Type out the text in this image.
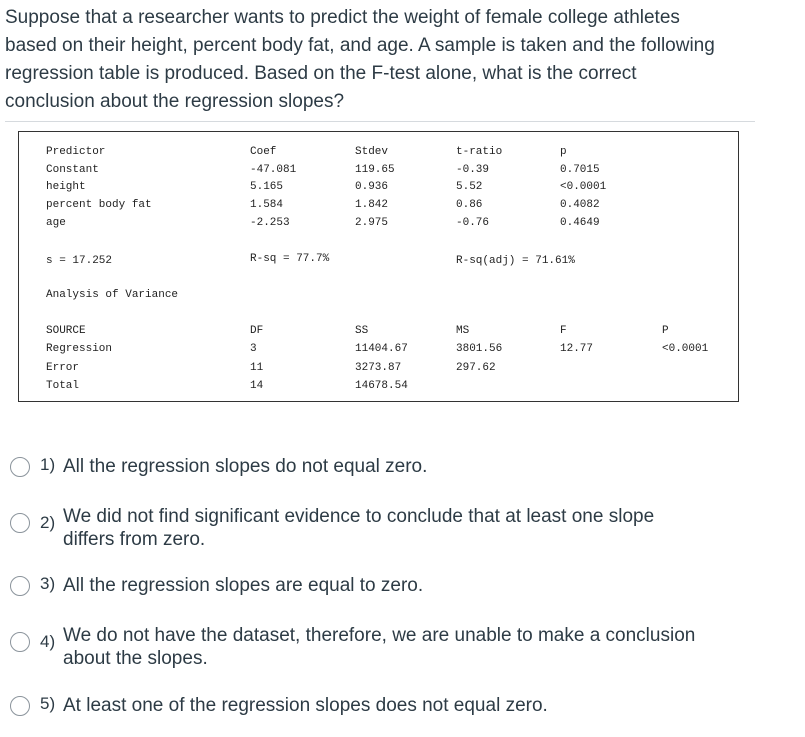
Suppose that a researcher wants to predict the weight of female college athletes
based on their height, percent body fat, and age. A sample is taken and the following
regression table is produced. Based on the F-test alone, what is the correct
conclusion about the regression slopes?
Predictor	Coef	Stdev	t-ratio	p
Constant	-47.081	119.65	-0.39	0.7015
height	5.165	0.936	5.52	<0.0001
percent body fat	1.584	1.842	0.86	0.4082
age	-2.253	2.975	-0.76	0.4649
s = 17.252	R-sq = 77.7%	R-sq(adj) = 71.61%
Analysis of Variance
SOURCE	DF	SS	MS	F	P
Regression	3	11404.67	3801.56	12.77	<0.0001
Error	11	3273.87	297.62
Total	14	14678.54
1) All the regression slopes do not equal zero.
2) We did not find significant evidence to conclude that at least one slope
differs from zero.
3) All the regression slopes are equal to zero.
4) We do not have the dataset, therefore, we are unable to make a conclusion
about the slopes.
5) At least one of the regression slopes does not equal zero.
